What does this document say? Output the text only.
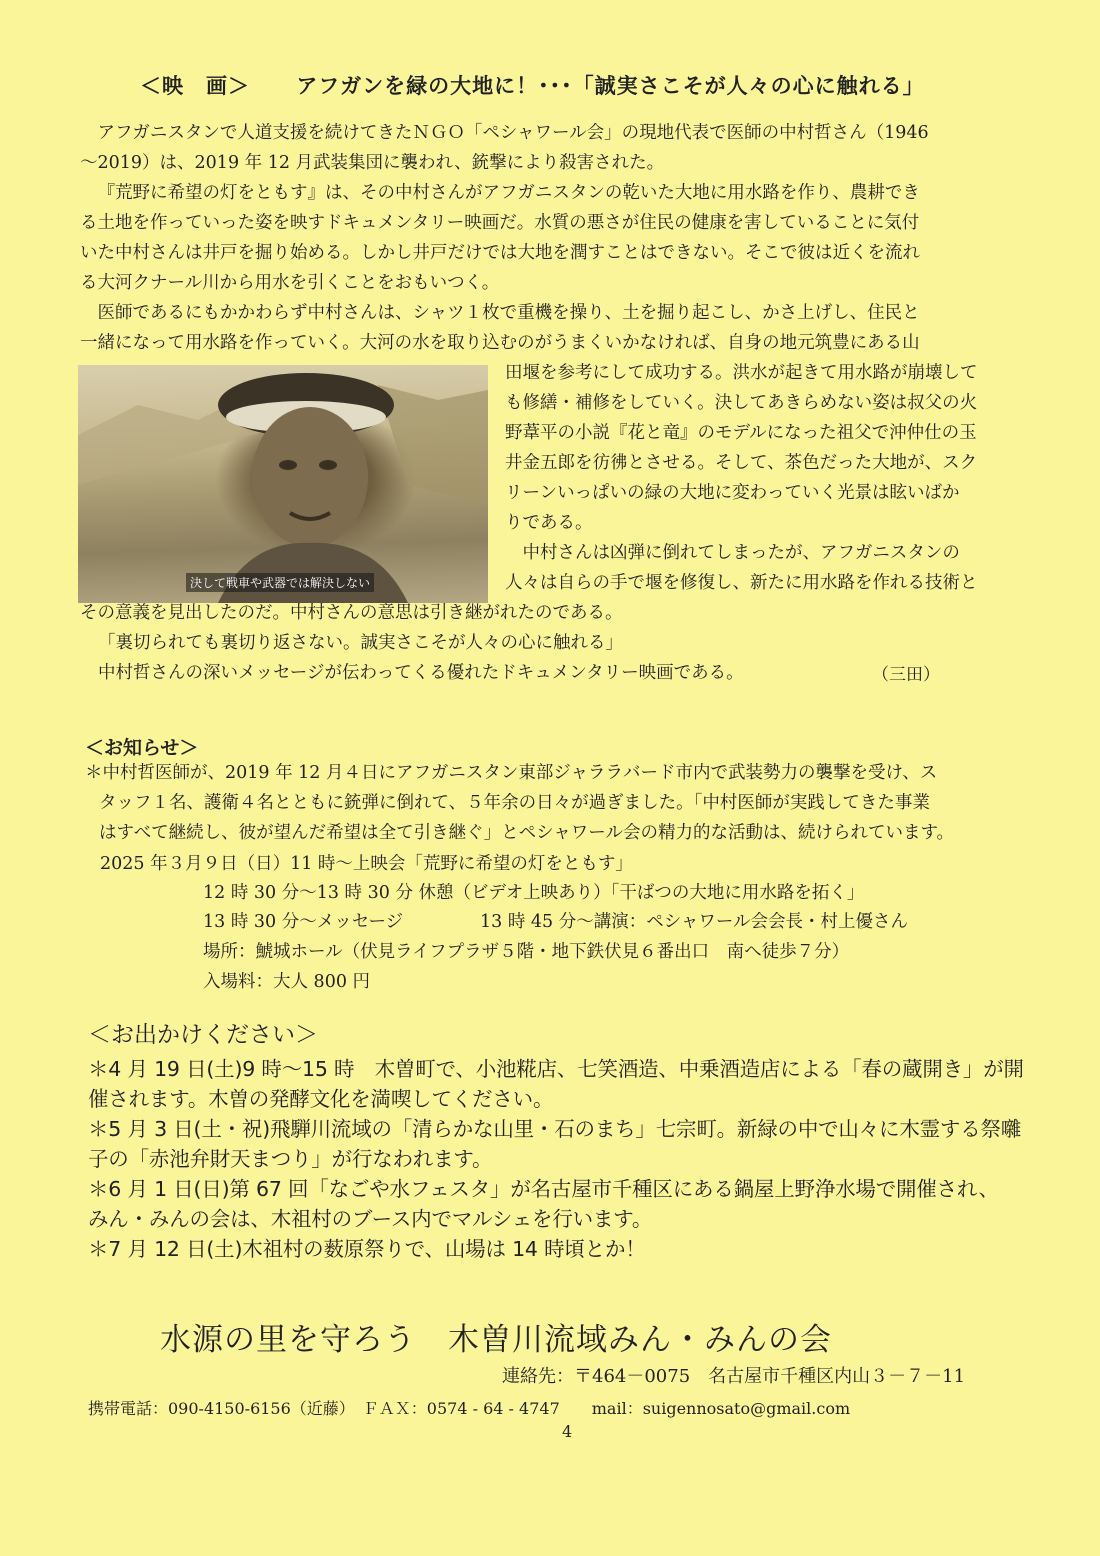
＜映　画＞ アフガンを緑の大地に！･･･「誠実さこそが人々の心に触れる」
アフガニスタンで人道支援を続けてきたＮＧＯ「ペシャワール会」の現地代表で医師の中村哲さん（1946
～2019）は、2019 年 12 月武装集団に襲われ、銃撃により殺害された。
『荒野に希望の灯をともす』は、その中村さんがアフガニスタンの乾いた大地に用水路を作り、農耕でき
る土地を作っていった姿を映すドキュメンタリー映画だ。水質の悪さが住民の健康を害していることに気付
いた中村さんは井戸を掘り始める。しかし井戸だけでは大地を潤すことはできない。そこで彼は近くを流れ
る大河クナール川から用水を引くことをおもいつく。
医師であるにもかかわらず中村さんは、シャツ１枚で重機を操り、土を掘り起こし、かさ上げし、住民と
一緒になって用水路を作っていく。大河の水を取り込むのがうまくいかなければ、自身の地元筑豊にある山
決して戦車や武器では解決しない
田堰を参考にして成功する。洪水が起きて用水路が崩壊して
も修繕・補修をしていく。決してあきらめない姿は叔父の火
野葦平の小説『花と竜』のモデルになった祖父で沖仲仕の玉
井金五郎を彷彿とさせる。そして、茶色だった大地が、スク
リーンいっぱいの緑の大地に変わっていく光景は眩いばか
りである。
　中村さんは凶弾に倒れてしまったが、アフガニスタンの
人々は自らの手で堰を修復し、新たに用水路を作れる技術と
その意義を見出したのだ。中村さんの意思は引き継がれたのである。
「裏切られても裏切り返さない。誠実さこそが人々の心に触れる」
中村哲さんの深いメッセージが伝わってくる優れたドキュメンタリー映画である。	（三田）
＜お知らせ＞
＊中村哲医師が、2019 年 12 月４日にアフガニスタン東部ジャララバード市内で武装勢力の襲撃を受け、ス
タッフ１名、護衛４名とともに銃弾に倒れて、５年余の日々が過ぎました。「中村医師が実践してきた事業
はすべて継続し、彼が望んだ希望は全て引き継ぐ」とペシャワール会の精力的な活動は、続けられています。
2025 年３月９日（日）11 時～上映会「荒野に希望の灯をともす」
12 時 30 分～13 時 30 分 休憩（ビデオ上映あり）「干ばつの大地に用水路を拓く」
13 時 30 分～メッセージ	13 時 45 分～講演：ペシャワール会会長・村上優さん
場所：鯱城ホール（伏見ライフプラザ５階・地下鉄伏見６番出口　南へ徒歩７分）
入場料：大人 800 円
＜お出かけください＞
＊4 月 19 日(土)9 時～15 時　木曽町で、小池糀店、七笑酒造、中乗酒造店による「春の蔵開き」が開
催されます。木曽の発酵文化を満喫してください。
＊5 月 3 日(土・祝)飛騨川流域の「清らかな山里・石のまち」七宗町。新緑の中で山々に木霊する祭囃
子の「赤池弁財天まつり」が行なわれます。
＊6 月 1 日(日)第 67 回「なごや水フェスタ」が名古屋市千種区にある鍋屋上野浄水場で開催され、
みん・みんの会は、木祖村のブース内でマルシェを行います。
＊7 月 12 日(土)木祖村の薮原祭りで、山場は 14 時頃とか！
水源の里を守ろう　木曽川流域みん・みんの会
連絡先：〒464－0075　名古屋市千種区内山３－７－11
携帯電話：090-4150-6156（近藤）　ＦＡＸ：0574 - 64 - 4747　　mail：suigennosato@gmail.com
4
